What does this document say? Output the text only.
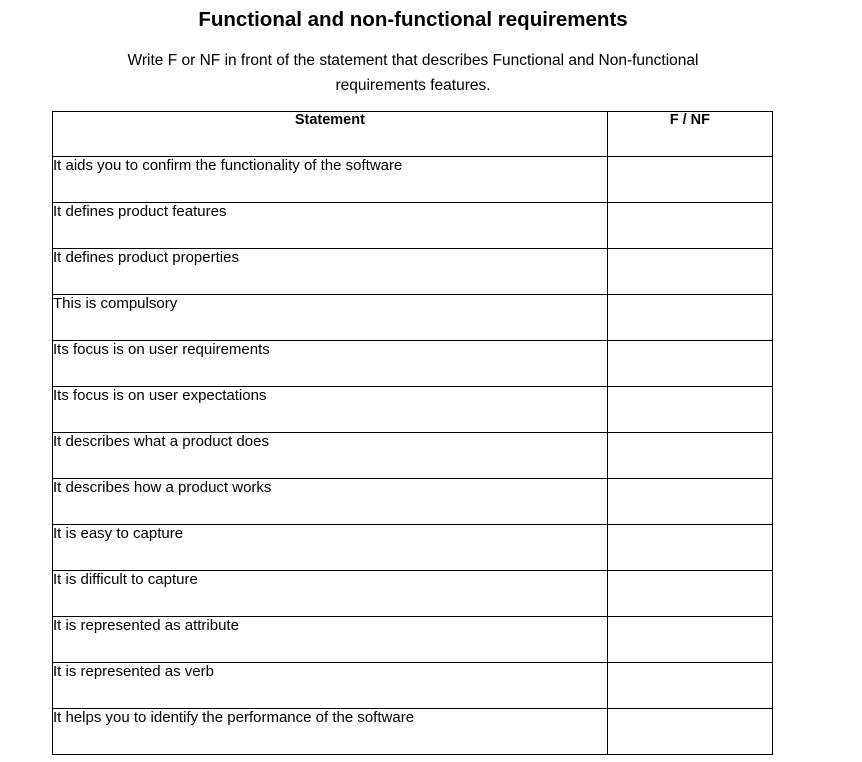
Functional and non-functional requirements
Write F or NF in front of the statement that describes Functional and Non-functional requirements features.
Statement	F / NF
It aids you to confirm the functionality of the software	
It defines product features	
It defines product properties	
This is compulsory	
Its focus is on user requirements	
Its focus is on user expectations	
It describes what a product does	
It describes how a product works	
It is easy to capture	
It is difficult to capture	
It is represented as attribute	
It is represented as verb	
It helps you to identify the performance of the software	
